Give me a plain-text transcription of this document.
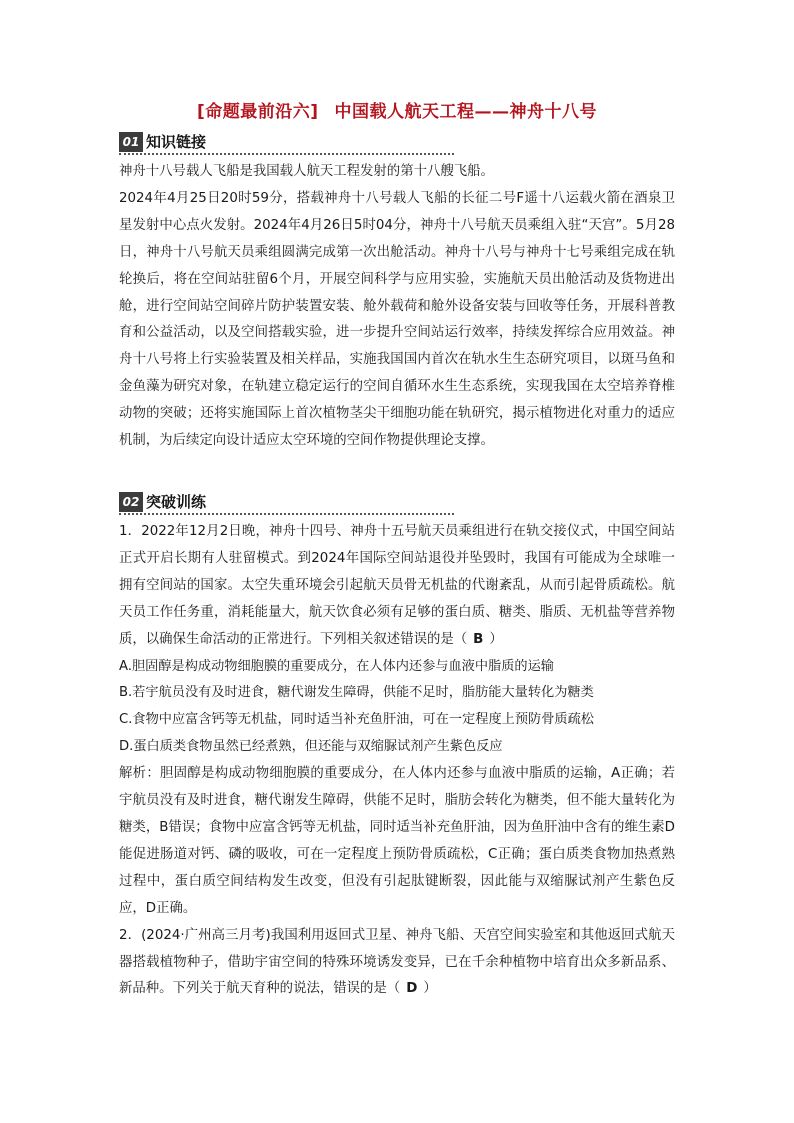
[命题最前沿六] 中国载人航天工程——神舟十八号
01 知识链接

神舟十八号载人飞船是我国载人航天工程发射的第十八艘飞船。

2024年4月25日20时59分，搭载神舟十八号载人飞船的长征二号F遥十八运载火箭在酒泉卫星发射中心点火发射。2024年4月26日5时04分，神舟十八号航天员乘组入驻“天宫”。5月28日，神舟十八号航天员乘组圆满完成第一次出舱活动。神舟十八号与神舟十七号乘组完成在轨轮换后，将在空间站驻留6个月，开展空间科学与应用实验，实施航天员出舱活动及货物进出舱，进行空间站空间碎片防护装置安装、舱外载荷和舱外设备安装与回收等任务，开展科普教育和公益活动，以及空间搭载实验，进一步提升空间站运行效率，持续发挥综合应用效益。神舟十八号将上行实验装置及相关样品，实施我国国内首次在轨水生生态研究项目，以斑马鱼和金鱼藻为研究对象，在轨建立稳定运行的空间自循环水生生态系统，实现我国在太空培养脊椎动物的突破；还将实施国际上首次植物茎尖干细胞功能在轨研究，揭示植物进化对重力的适应机制，为后续定向设计适应太空环境的空间作物提供理论支撑。

02 突破训练

1．2022年12月2日晚，神舟十四号、神舟十五号航天员乘组进行在轨交接仪式，中国空间站正式开启长期有人驻留模式。到2024年国际空间站退役并坠毁时，我国有可能成为全球唯一拥有空间站的国家。太空失重环境会引起航天员骨无机盐的代谢紊乱，从而引起骨质疏松。航天员工作任务重，消耗能量大，航天饮食必须有足够的蛋白质、糖类、脂质、无机盐等营养物质，以确保生命活动的正常进行。下列相关叙述错误的是（ B ）

A.胆固醇是构成动物细胞膜的重要成分，在人体内还参与血液中脂质的运输

B.若宇航员没有及时进食，糖代谢发生障碍，供能不足时，脂肪能大量转化为糖类

C.食物中应富含钙等无机盐，同时适当补充鱼肝油，可在一定程度上预防骨质疏松

D.蛋白质类食物虽然已经煮熟，但还能与双缩脲试剂产生紫色反应

解析：胆固醇是构成动物细胞膜的重要成分，在人体内还参与血液中脂质的运输，A正确；若宇航员没有及时进食，糖代谢发生障碍，供能不足时，脂肪会转化为糖类，但不能大量转化为糖类，B错误；食物中应富含钙等无机盐，同时适当补充鱼肝油，因为鱼肝油中含有的维生素D能促进肠道对钙、磷的吸收，可在一定程度上预防骨质疏松，C正确；蛋白质类食物加热煮熟过程中，蛋白质空间结构发生改变，但没有引起肽键断裂，因此能与双缩脲试剂产生紫色反应，D正确。

2．(2024·广州高三月考)我国利用返回式卫星、神舟飞船、天宫空间实验室和其他返回式航天器搭载植物种子，借助宇宙空间的特殊环境诱发变异，已在千余种植物中培育出众多新品系、新品种。下列关于航天育种的说法，错误的是（ D ）
